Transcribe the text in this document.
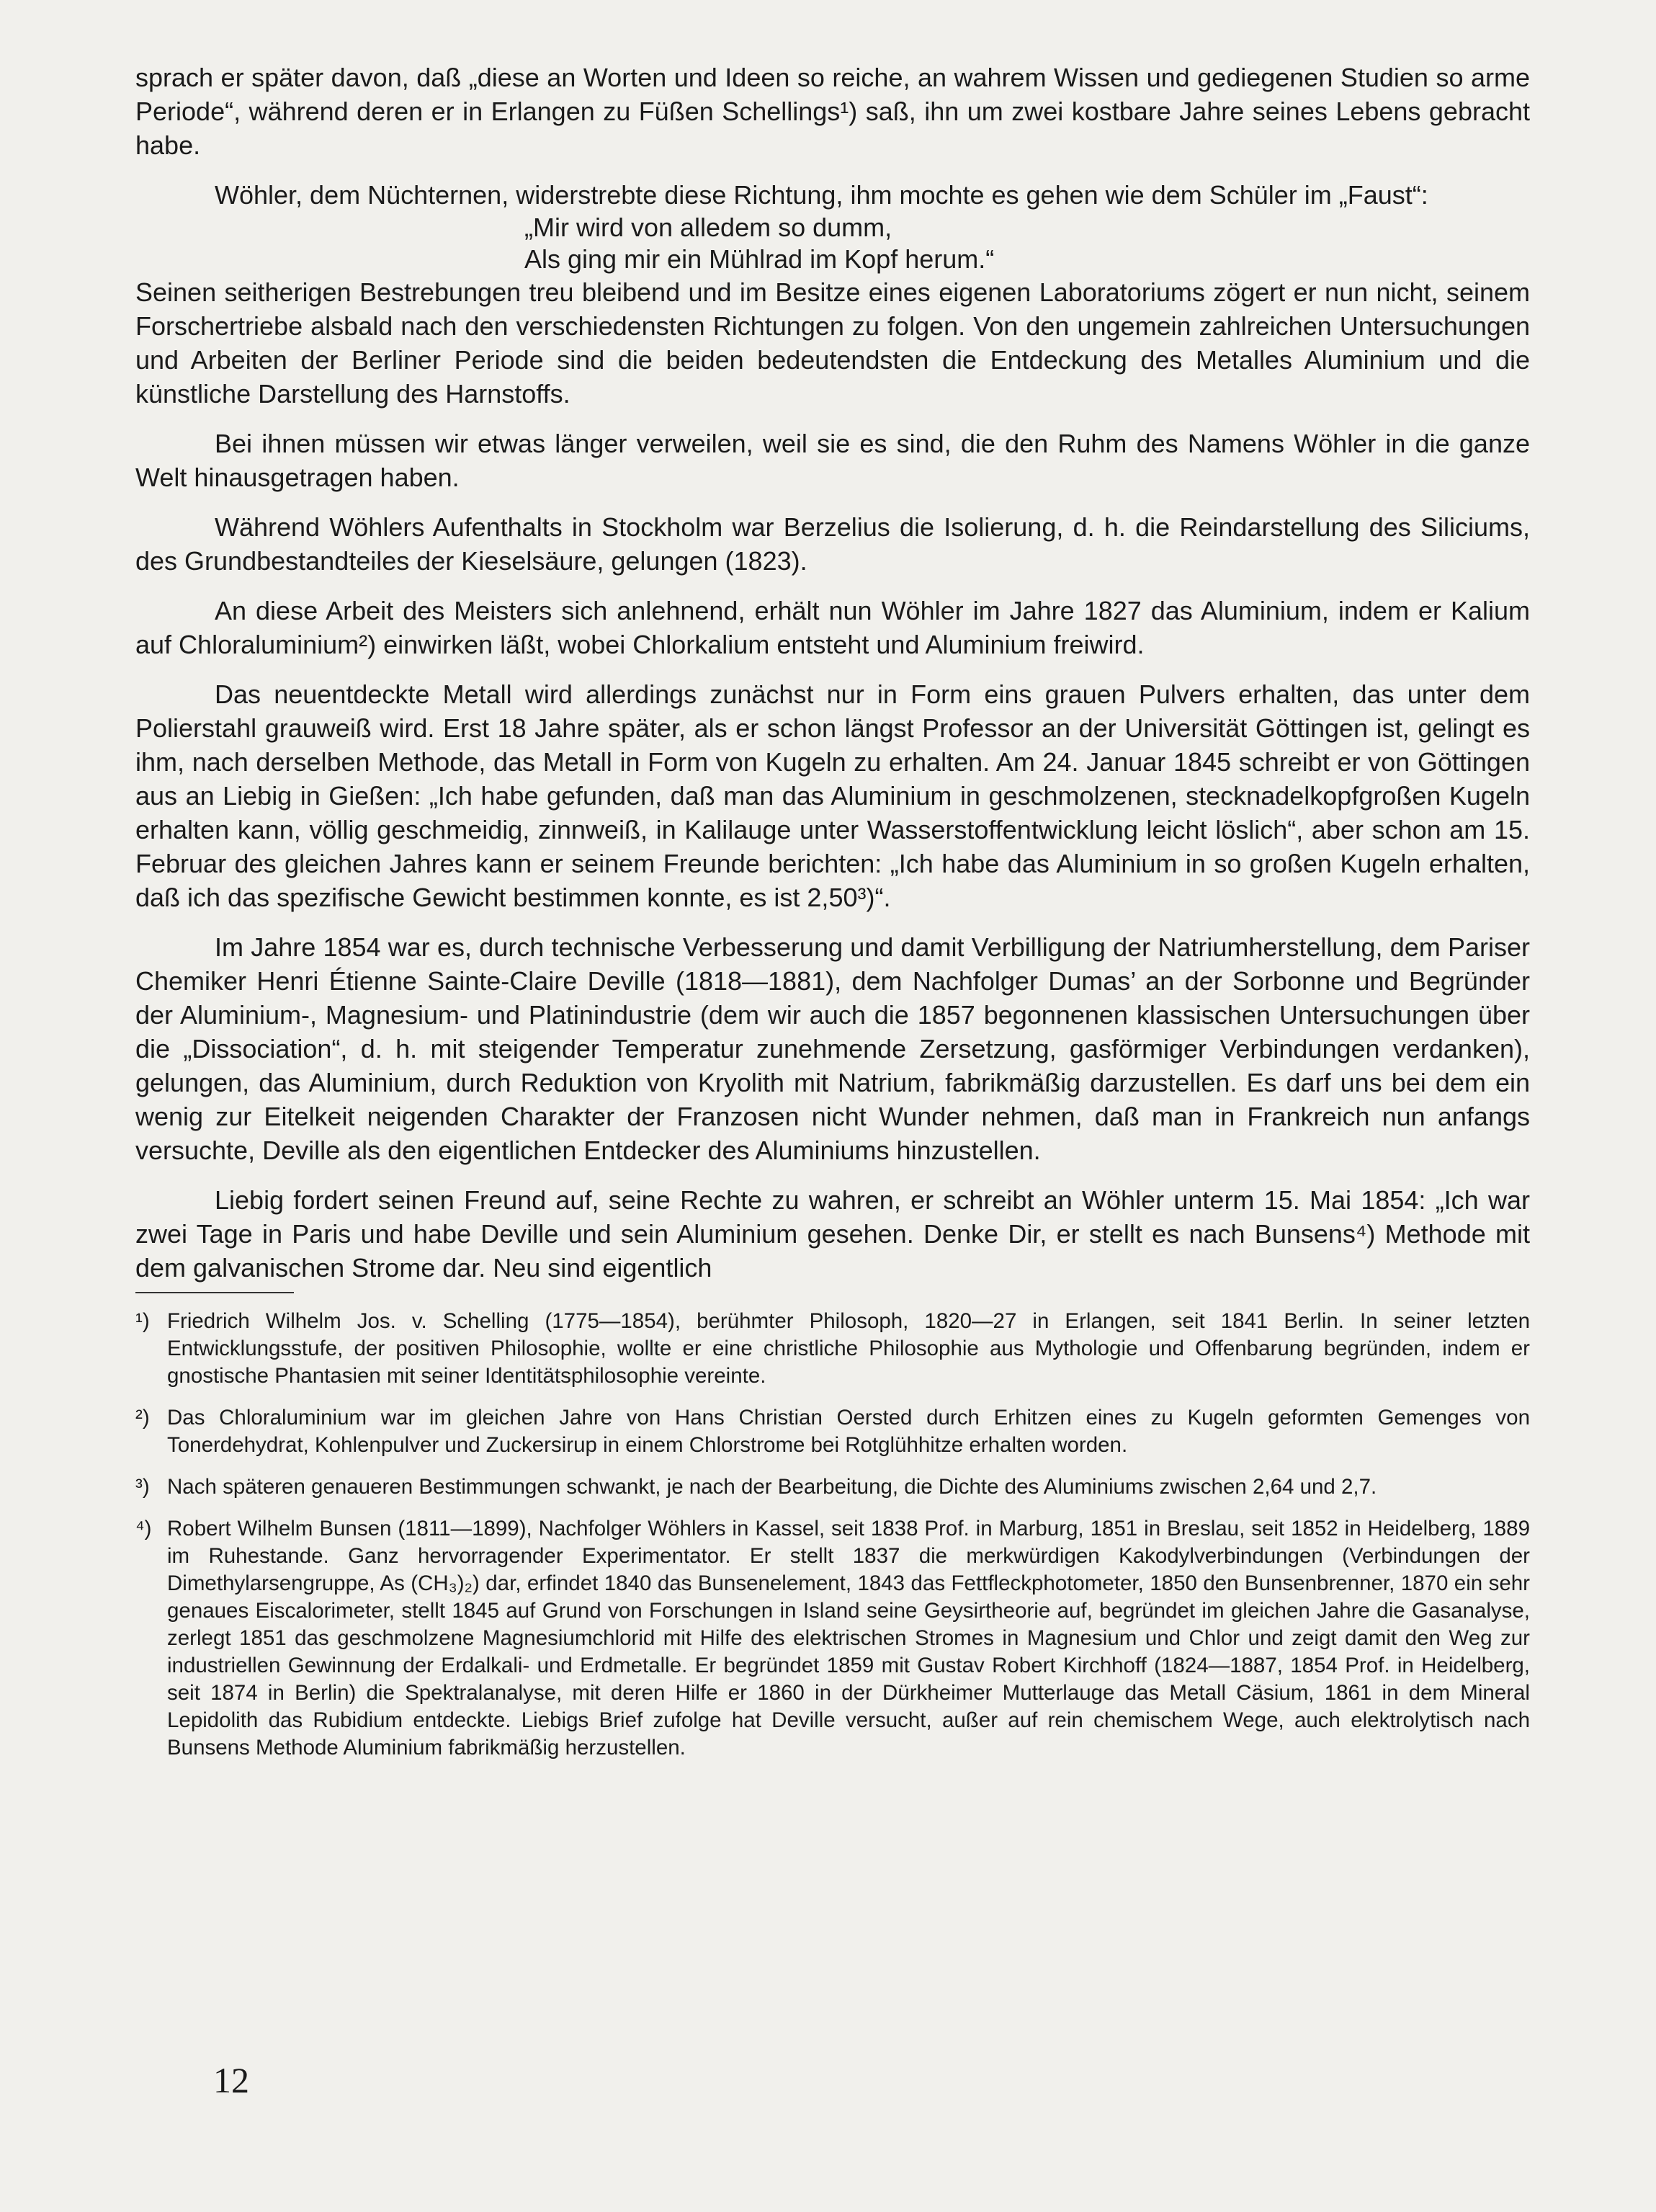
sprach er später davon, daß „diese an Worten und Ideen so reiche, an wahrem Wissen und gediegenen Studien so arme Periode“, während deren er in Erlangen zu Füßen Schellings¹) saß, ihn um zwei kostbare Jahre seines Lebens gebracht habe.

Wöhler, dem Nüchternen, widerstrebte diese Richtung, ihm mochte es gehen wie dem Schüler im „Faust“:

„Mir wird von alledem so dumm,
Als ging mir ein Mühlrad im Kopf herum.“

Seinen seitherigen Bestrebungen treu bleibend und im Besitze eines eigenen Laboratoriums zögert er nun nicht, seinem Forschertriebe alsbald nach den verschiedensten Richtungen zu folgen. Von den ungemein zahlreichen Untersuchungen und Arbeiten der Berliner Periode sind die beiden bedeutendsten die Entdeckung des Metalles Aluminium und die künstliche Darstellung des Harnstoffs.

Bei ihnen müssen wir etwas länger verweilen, weil sie es sind, die den Ruhm des Namens Wöhler in die ganze Welt hinausgetragen haben.

Während Wöhlers Aufenthalts in Stockholm war Berzelius die Isolierung, d. h. die Reindarstellung des Siliciums, des Grundbestandteiles der Kieselsäure, gelungen (1823).

An diese Arbeit des Meisters sich anlehnend, erhält nun Wöhler im Jahre 1827 das Aluminium, indem er Kalium auf Chloraluminium²) einwirken läßt, wobei Chlorkalium entsteht und Aluminium freiwird.

Das neuentdeckte Metall wird allerdings zunächst nur in Form eins grauen Pulvers erhalten, das unter dem Polierstahl grauweiß wird. Erst 18 Jahre später, als er schon längst Professor an der Universität Göttingen ist, gelingt es ihm, nach derselben Methode, das Metall in Form von Kugeln zu erhalten. Am 24. Januar 1845 schreibt er von Göttingen aus an Liebig in Gießen: „Ich habe gefunden, daß man das Aluminium in geschmolzenen, stecknadelkopfgroßen Kugeln erhalten kann, völlig geschmeidig, zinnweiß, in Kalilauge unter Wasserstoffentwicklung leicht löslich“, aber schon am 15. Februar des gleichen Jahres kann er seinem Freunde berichten: „Ich habe das Aluminium in so großen Kugeln erhalten, daß ich das spezifische Gewicht bestimmen konnte, es ist 2,50³)“.

Im Jahre 1854 war es, durch technische Verbesserung und damit Verbilligung der Natriumherstellung, dem Pariser Chemiker Henri Étienne Sainte-Claire Deville (1818—1881), dem Nachfolger Dumas’ an der Sorbonne und Begründer der Aluminium-, Magnesium- und Platinindustrie (dem wir auch die 1857 begonnenen klassischen Untersuchungen über die „Dissociation“, d. h. mit steigender Temperatur zunehmende Zersetzung, gasförmiger Verbindungen verdanken), gelungen, das Aluminium, durch Reduktion von Kryolith mit Natrium, fabrikmäßig darzustellen. Es darf uns bei dem ein wenig zur Eitelkeit neigenden Charakter der Franzosen nicht Wunder nehmen, daß man in Frankreich nun anfangs versuchte, Deville als den eigentlichen Entdecker des Aluminiums hinzustellen.

Liebig fordert seinen Freund auf, seine Rechte zu wahren, er schreibt an Wöhler unterm 15. Mai 1854: „Ich war zwei Tage in Paris und habe Deville und sein Aluminium gesehen. Denke Dir, er stellt es nach Bunsens⁴) Methode mit dem galvanischen Strome dar. Neu sind eigentlich

¹) Friedrich Wilhelm Jos. v. Schelling (1775—1854), berühmter Philosoph, 1820—27 in Erlangen, seit 1841 Berlin. In seiner letzten Entwicklungsstufe, der positiven Philosophie, wollte er eine christliche Philosophie aus Mythologie und Offenbarung begründen, indem er gnostische Phantasien mit seiner Identitätsphilosophie vereinte.
²) Das Chloraluminium war im gleichen Jahre von Hans Christian Oersted durch Erhitzen eines zu Kugeln geformten Gemenges von Tonerdehydrat, Kohlenpulver und Zuckersirup in einem Chlorstrome bei Rotglühhitze erhalten worden.
³) Nach späteren genaueren Bestimmungen schwankt, je nach der Bearbeitung, die Dichte des Aluminiums zwischen 2,64 und 2,7.
⁴) Robert Wilhelm Bunsen (1811—1899), Nachfolger Wöhlers in Kassel, seit 1838 Prof. in Marburg, 1851 in Breslau, seit 1852 in Heidelberg, 1889 im Ruhestande. Ganz hervorragender Experimentator. Er stellt 1837 die merkwürdigen Kakodylverbindungen (Verbindungen der Dimethylarsengruppe, As (CH₃)₂) dar, erfindet 1840 das Bunsenelement, 1843 das Fettfleckphotometer, 1850 den Bunsenbrenner, 1870 ein sehr genaues Eiscalorimeter, stellt 1845 auf Grund von Forschungen in Island seine Geysirtheorie auf, begründet im gleichen Jahre die Gasanalyse, zerlegt 1851 das geschmolzene Magnesiumchlorid mit Hilfe des elektrischen Stromes in Magnesium und Chlor und zeigt damit den Weg zur industriellen Gewinnung der Erdalkali- und Erdmetalle. Er begründet 1859 mit Gustav Robert Kirchhoff (1824—1887, 1854 Prof. in Heidelberg, seit 1874 in Berlin) die Spektralanalyse, mit deren Hilfe er 1860 in der Dürkheimer Mutterlauge das Metall Cäsium, 1861 in dem Mineral Lepidolith das Rubidium entdeckte. Liebigs Brief zufolge hat Deville versucht, außer auf rein chemischem Wege, auch elektrolytisch nach Bunsens Methode Aluminium fabrikmäßig herzustellen.
12
